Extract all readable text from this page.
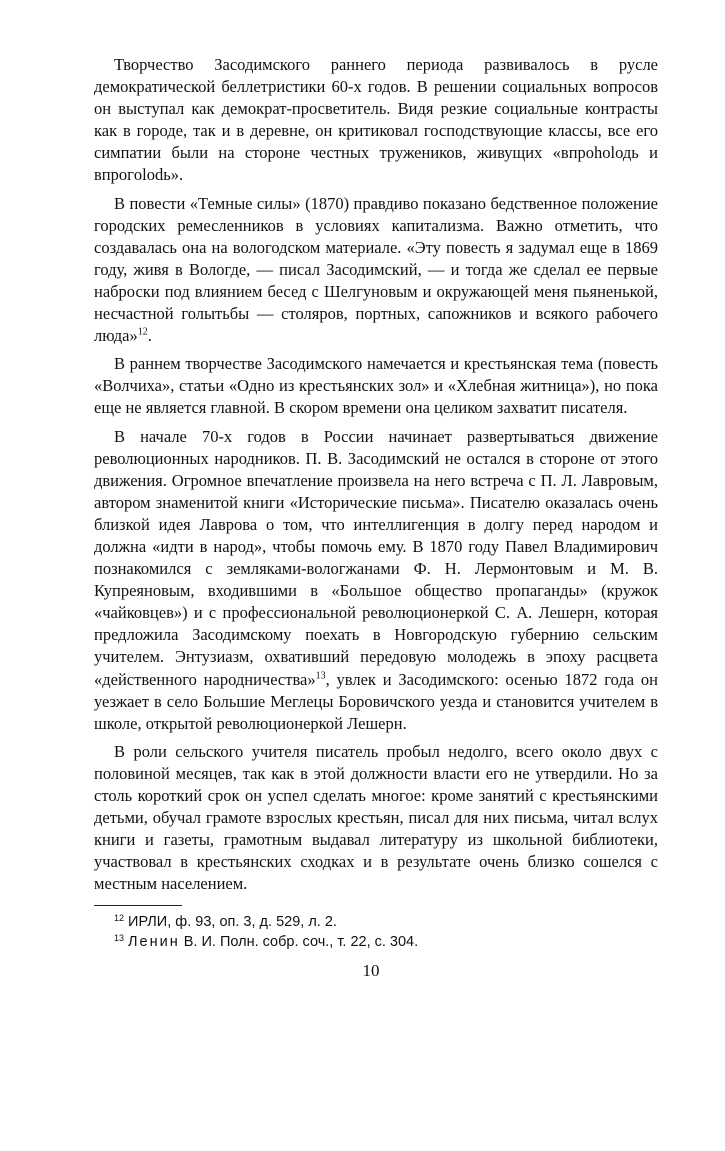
Творчество Засодимского раннего периода развивалось в русле демократической беллетристики 60-х годов. В решении социальных вопросов он выступал как демократ-просветитель. Видя резкие социальные контрасты как в городе, так и в деревне, он критиковал господствующие классы, все его симпатии были на стороне честных тружеников, живущих «впроholодь и впрогolodь».

В повести «Темные силы» (1870) правдиво показано бедственное положение городских ремесленников в условиях капитализма. Важно отметить, что создавалась она на вологодском материале. «Эту повесть я задумал еще в 1869 году, живя в Вологде, — писал Засодимский, — и тогда же сделал ее первые наброски под влиянием бесед с Шелгуновым и окружающей меня пьяненькой, несчастной голытьбы — столяров, портных, сапожников и всякого рабочего люда»$^{12}$.

В раннем творчестве Засодимского намечается и крестьянская тема (повесть «Волчиха», статьи «Одно из крестьянских зол» и «Хлебная житница»), но пока еще не является главной. В скором времени она целиком захватит писателя.

В начале 70-х годов в России начинает развертываться движение революционных народников. П. В. Засодимский не остался в стороне от этого движения. Огромное впечатление произвела на него встреча с П. Л. Лавровым, автором знаменитой книги «Исторические письма». Писателю оказалась очень близкой идея Лаврова о том, что интеллигенция в долгу перед народом и должна «идти в народ», чтобы помочь ему. В 1870 году Павел Владимирович познакомился с земляками-вологжанами Ф. Н. Лермонтовым и М. В. Купреяновым, входившими в «Большое общество пропаганды» (кружок «чайковцев») и с профессиональной революционеркой С. А. Лешерн, которая предложила Засодимскому поехать в Новгородскую губернию сельским учителем. Энтузиазм, охвативший передовую молодежь в эпоху расцвета «действенного народничества»$^{13}$, увлек и Засодимского: осенью 1872 года он уезжает в село Большие Меглецы Боровичского уезда и становится учителем в школе, открытой революционеркой Лешерн.

В роли сельского учителя писатель пробыл недолго, всего около двух с половиной месяцев, так как в этой должности власти его не утвердили. Но за столь короткий срок он успел сделать многое: кроме занятий с крестьянскими детьми, обучал грамоте взрослых крестьян, писал для них письма, читал вслух книги и газеты, грамотным выдавал литературу из школьной библиотеки, участвовал в крестьянских сходках и в результате очень близко сошелся с местным населением.

$^{12}$ ИРЛИ, ф. 93, оп. 3, д. 529, л. 2.

$^{13}$ Ленин В. И. Полн. собр. соч., т. 22, с. 304.

10
